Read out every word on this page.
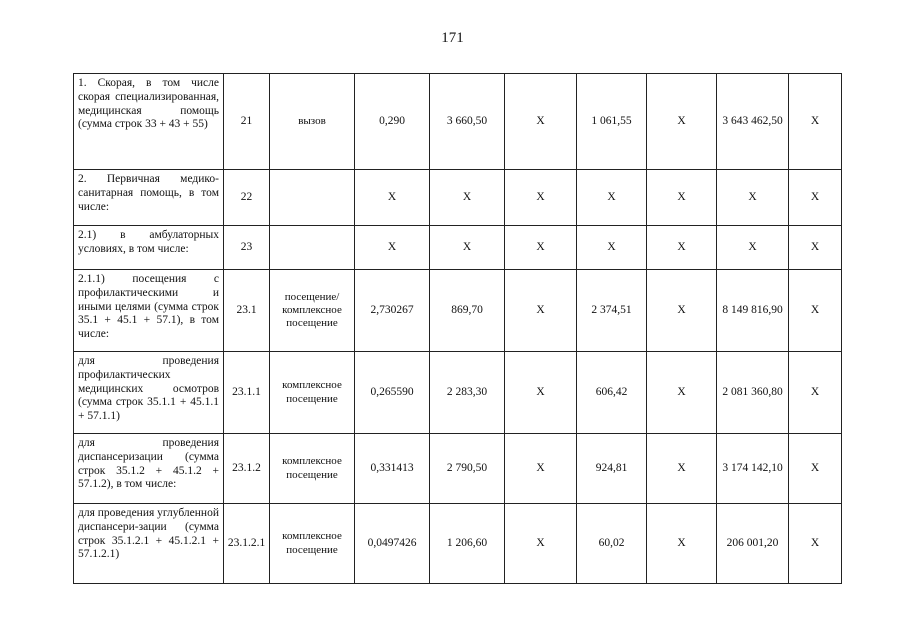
171
1. Скорая, в том числе скорая специализированная, медицинская помощь (сумма строк 33 + 43 + 55)	21	вызов	0,290	3 660,50	X	1 061,55	X	3 643 462,50	X
2. Первичная медико-санитарная помощь, в том числе:	22		X	X	X	X	X	X	X
2.1) в амбулаторных условиях, в том числе:	23		X	X	X	X	X	X	X
2.1.1) посещения с профилактическими и иными целями (сумма строк 35.1 + 45.1 + 57.1), в том числе:	23.1	посещение/ комплексное посещение	2,730267	869,70	X	2 374,51	X	8 149 816,90	X
для проведения профилактических медицинских осмотров (сумма строк 35.1.1 + 45.1.1 + 57.1.1)	23.1.1	комплексное посещение	0,265590	2 283,30	X	606,42	X	2 081 360,80	X
для проведения диспансеризации (сумма строк 35.1.2 + 45.1.2 + 57.1.2), в том числе:	23.1.2	комплексное посещение	0,331413	2 790,50	X	924,81	X	3 174 142,10	X
для проведения углубленной диспансери-зации (сумма строк 35.1.2.1 + 45.1.2.1 + 57.1.2.1)	23.1.2.1	комплексное посещение	0,0497426	1 206,60	X	60,02	X	206 001,20	X
